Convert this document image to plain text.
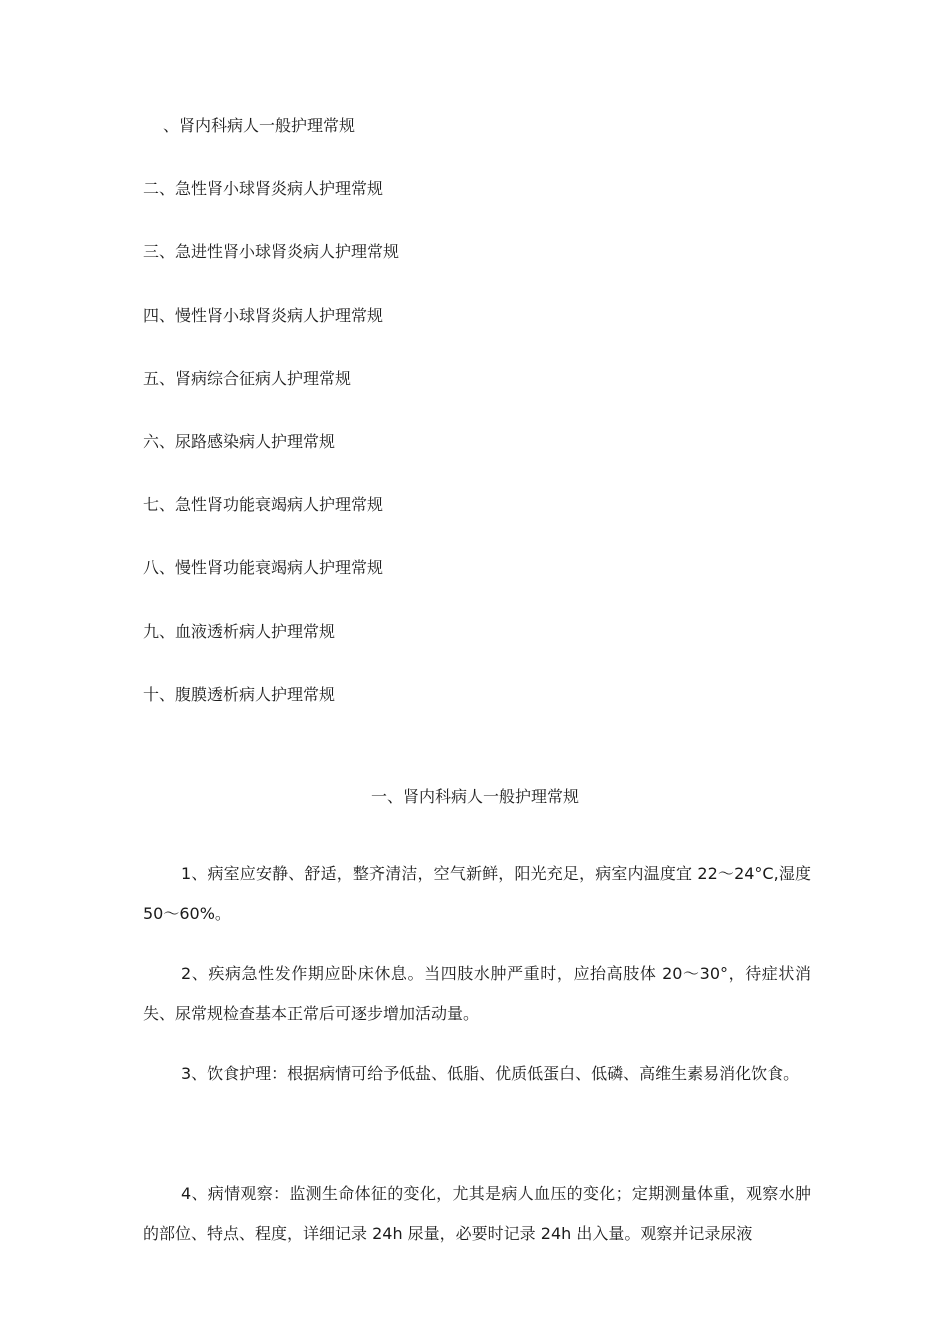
、肾内科病人一般护理常规
二、急性肾小球肾炎病人护理常规
三、急进性肾小球肾炎病人护理常规
四、慢性肾小球肾炎病人护理常规
五、肾病综合征病人护理常规
六、尿路感染病人护理常规
七、急性肾功能衰竭病人护理常规
八、慢性肾功能衰竭病人护理常规
九、血液透析病人护理常规
十、腹膜透析病人护理常规
一、肾内科病人一般护理常规

1、病室应安静、舒适，整齐清洁，空气新鲜，阳光充足，病室内温度宜 22～24°C,湿度 50～60%。

2、疾病急性发作期应卧床休息。当四肢水肿严重时，应抬高肢体 20～30°，待症状消失、尿常规检查基本正常后可逐步增加活动量。

3、饮食护理：根据病情可给予低盐、低脂、优质低蛋白、低磷、高维生素易消化饮食。

4、病情观察：监测生命体征的变化，尤其是病人血压的变化；定期测量体重，观察水肿的部位、特点、程度，详细记录 24h 尿量，必要时记录 24h 出入量。观察并记录尿液
